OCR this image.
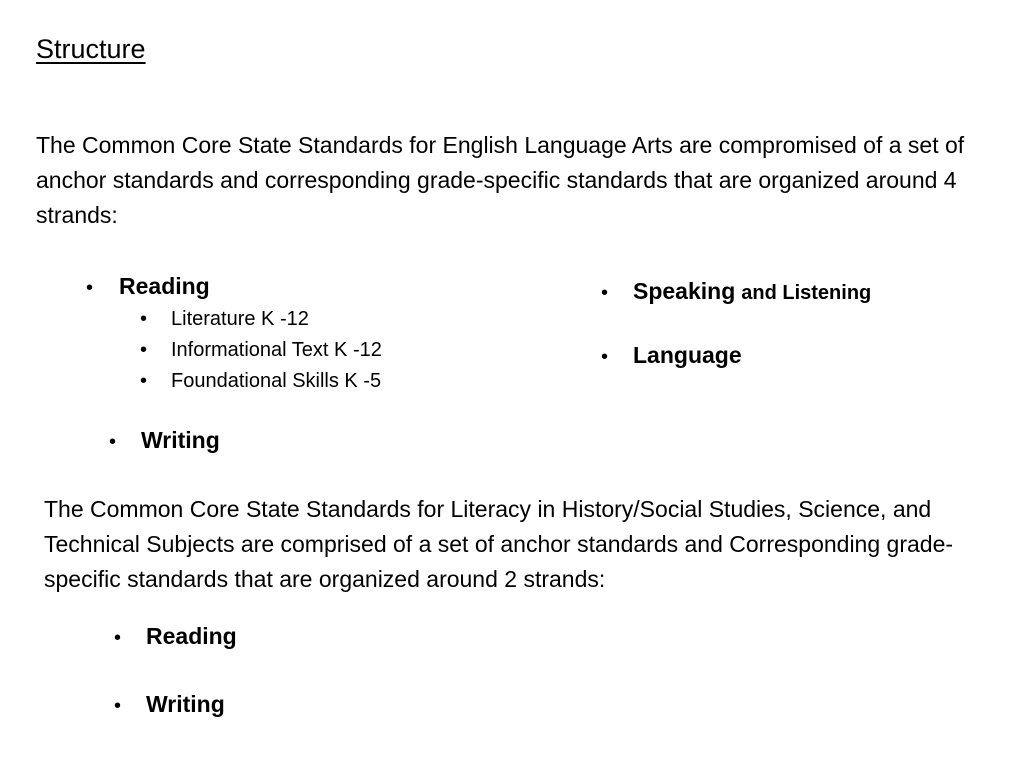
Structure
The Common Core State Standards for English Language Arts are compromised of a set of anchor standards and corresponding grade-specific standards that are organized around 4 strands:
•	Reading
•	Literature K -12
•	Informational Text K -12
•	Foundational Skills K -5
•	Writing
•	Speaking and Listening
•	Language
The Common Core State Standards for Literacy in History/Social Studies, Science, and Technical Subjects are comprised of a set of anchor standards and Corresponding grade-specific standards that are organized around 2 strands:
•	Reading
•	Writing
